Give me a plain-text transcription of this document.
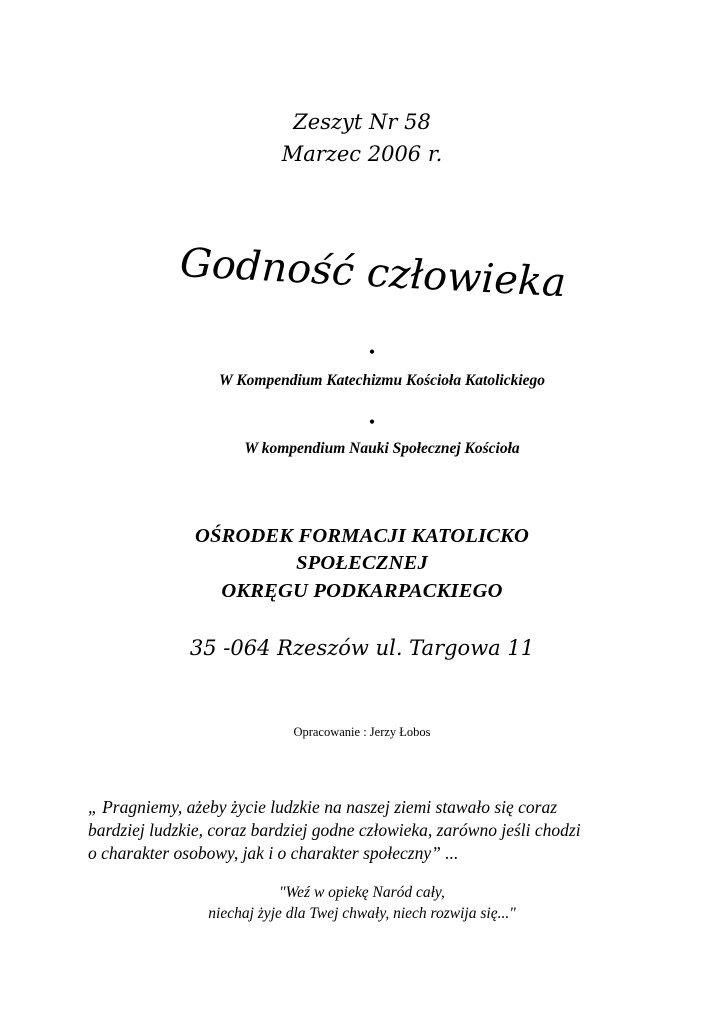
Zeszyt Nr 58
Marzec 2006 r.
Godność człowieka
•
W Kompendium Katechizmu Kościoła Katolickiego
•
W kompendium Nauki Społecznej Kościoła
OŚRODEK FORMACJI KATOLICKO
SPOŁECZNEJ
OKRĘGU PODKARPACKIEGO
35 -064 Rzeszów ul. Targowa 11
Opracowanie : Jerzy Łobos
„ Pragniemy, ażeby życie ludzkie na naszej ziemi stawało się coraz
bardziej ludzkie, coraz bardziej godne człowieka, zarówno jeśli chodzi
o charakter osobowy, jak i o charakter społeczny” ...
"Weź w opiekę Naród cały,
niechaj żyje dla Twej chwały, niech rozwija się..."
